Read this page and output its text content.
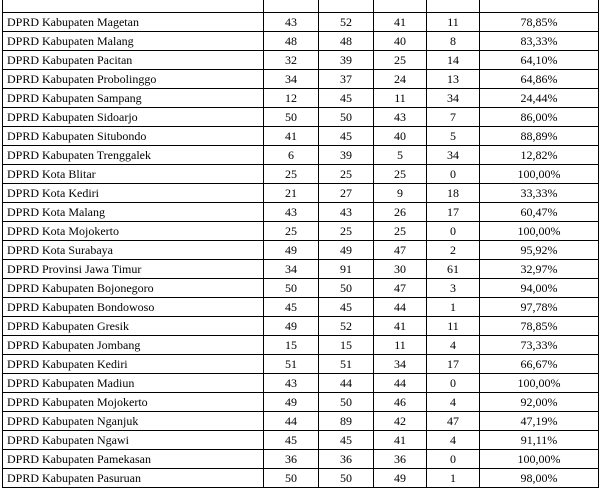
DPRD Kabupaten Magetan	43	52	41	11	78,85%
DPRD Kabupaten Malang	48	48	40	8	83,33%
DPRD Kabupaten Pacitan	32	39	25	14	64,10%
DPRD Kabupaten Probolinggo	34	37	24	13	64,86%
DPRD Kabupaten Sampang	12	45	11	34	24,44%
DPRD Kabupaten Sidoarjo	50	50	43	7	86,00%
DPRD Kabupaten Situbondo	41	45	40	5	88,89%
DPRD Kabupaten Trenggalek	6	39	5	34	12,82%
DPRD Kota Blitar	25	25	25	0	100,00%
DPRD Kota Kediri	21	27	9	18	33,33%
DPRD Kota Malang	43	43	26	17	60,47%
DPRD Kota Mojokerto	25	25	25	0	100,00%
DPRD Kota Surabaya	49	49	47	2	95,92%
DPRD Provinsi Jawa Timur	34	91	30	61	32,97%
DPRD Kabupaten Bojonegoro	50	50	47	3	94,00%
DPRD Kabupaten Bondowoso	45	45	44	1	97,78%
DPRD Kabupaten Gresik	49	52	41	11	78,85%
DPRD Kabupaten Jombang	15	15	11	4	73,33%
DPRD Kabupaten Kediri	51	51	34	17	66,67%
DPRD Kabupaten Madiun	43	44	44	0	100,00%
DPRD Kabupaten Mojokerto	49	50	46	4	92,00%
DPRD Kabupaten Nganjuk	44	89	42	47	47,19%
DPRD Kabupaten Ngawi	45	45	41	4	91,11%
DPRD Kabupaten Pamekasan	36	36	36	0	100,00%
DPRD Kabupaten Pasuruan	50	50	49	1	98,00%
